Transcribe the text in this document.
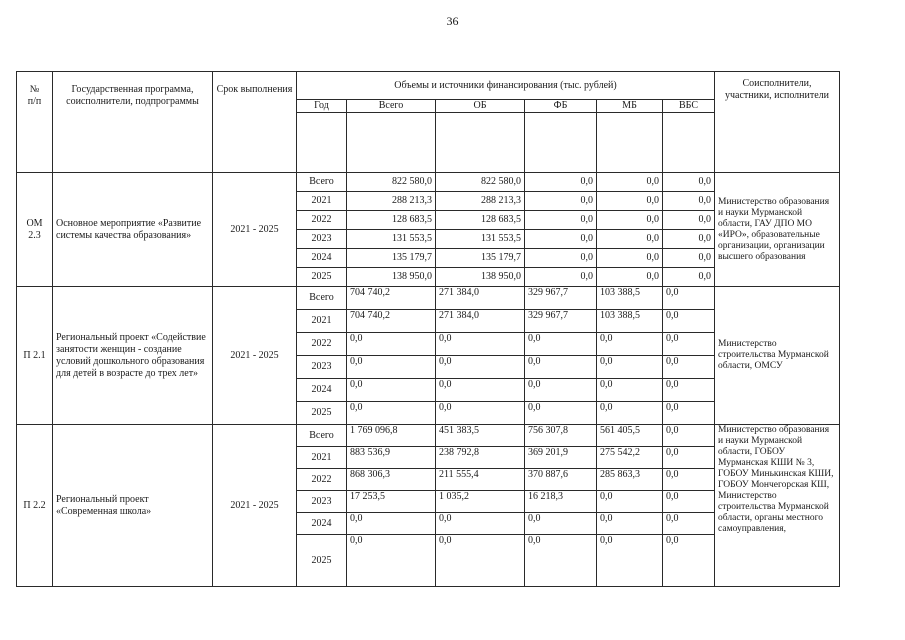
36
№
п/п	Государственная программа, соисполнители, подпрограммы	Срок выполнения	Объемы и источники финансирования (тыс. рублей)						Соисполнители, участники, исполнители
			Год	Всего	ОБ	ФБ	МБ	ВБС	

ОМ 2.3	Основное мероприятие «Развитие системы качества образования»	2021 - 2025	Всего	822 580,0	822 580,0	0,0	0,0	0,0	Министерство образования и науки Мурманской области, ГАУ ДПО МО «ИРО», образовательные организации, организации высшего образования
			2021	288 213,3	288 213,3	0,0	0,0	0,0	
			2022	128 683,5	128 683,5	0,0	0,0	0,0	
			2023	131 553,5	131 553,5	0,0	0,0	0,0	
			2024	135 179,7	135 179,7	0,0	0,0	0,0	
			2025	138 950,0	138 950,0	0,0	0,0	0,0	
П 2.1	Региональный проект «Содействие занятости женщин - создание условий дошкольного образования для детей в возрасте до трех лет»	2021 - 2025	Всего	704 740,2	271 384,0	329 967,7	103 388,5	0,0	Министерство строительства Мурманской области, ОМСУ
			2021	704 740,2	271 384,0	329 967,7	103 388,5	0,0	
			2022	0,0	0,0	0,0	0,0	0,0	
			2023	0,0	0,0	0,0	0,0	0,0	
			2024	0,0	0,0	0,0	0,0	0,0	
			2025	0,0	0,0	0,0	0,0	0,0	
П 2.2	Региональный проект «Современная школа»	2021 - 2025	Всего	1 769 096,8	451 383,5	756 307,8	561 405,5	0,0	Министерство образования и науки Мурманской области, ГОБОУ Мурманская КШИ № 3, ГОБОУ Минькинская КШИ, ГОБОУ Мончегорская КШ, Министерство строительства Мурманской области, органы местного самоуправления,
			2021	883 536,9	238 792,8	369 201,9	275 542,2	0,0	
			2022	868 306,3	211 555,4	370 887,6	285 863,3	0,0	
			2023	17 253,5	1 035,2	16 218,3	0,0	0,0	
			2024	0,0	0,0	0,0	0,0	0,0	
			2025	0,0	0,0	0,0	0,0	0,0	
